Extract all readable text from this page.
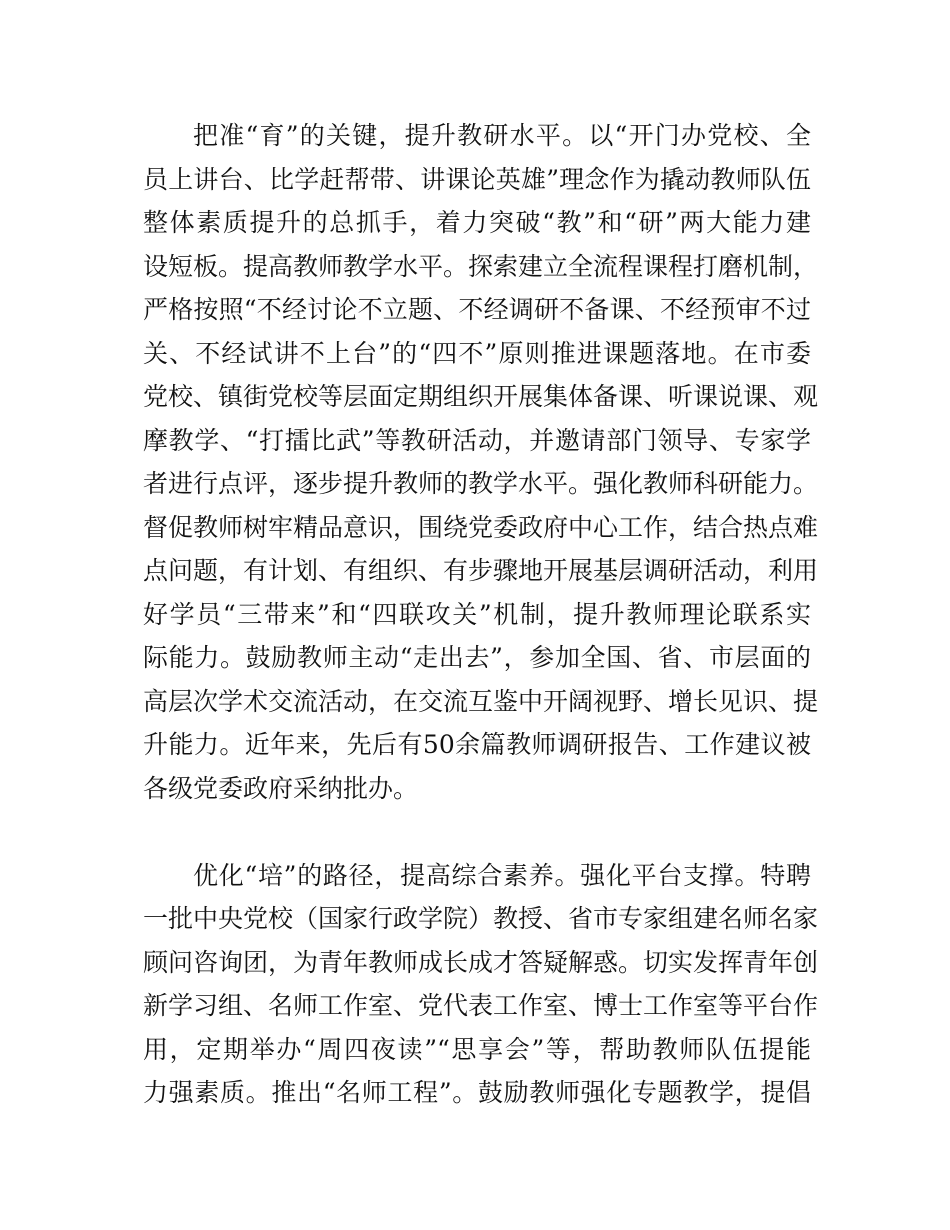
把准“育”的关键，提升教研水平。以“开门办党校、全
员上讲台、比学赶帮带、讲课论英雄”理念作为撬动教师队伍
整体素质提升的总抓手，着力突破“教”和“研”两大能力建
设短板。提高教师教学水平。探索建立全流程课程打磨机制，
严格按照“不经讨论不立题、不经调研不备课、不经预审不过
关、不经试讲不上台”的“四不”原则推进课题落地。在市委
党校、镇街党校等层面定期组织开展集体备课、听课说课、观
摩教学、“打擂比武”等教研活动，并邀请部门领导、专家学
者进行点评，逐步提升教师的教学水平。强化教师科研能力。
督促教师树牢精品意识，围绕党委政府中心工作，结合热点难
点问题，有计划、有组织、有步骤地开展基层调研活动，利用
好学员“三带来”和“四联攻关”机制，提升教师理论联系实
际能力。鼓励教师主动“走出去”，参加全国、省、市层面的
高层次学术交流活动，在交流互鉴中开阔视野、增长见识、提
升能力。近年来，先后有50余篇教师调研报告、工作建议被
各级党委政府采纳批办。
优化“培”的路径，提高综合素养。强化平台支撑。特聘
一批中央党校（国家行政学院）教授、省市专家组建名师名家
顾问咨询团，为青年教师成长成才答疑解惑。切实发挥青年创
新学习组、名师工作室、党代表工作室、博士工作室等平台作
用，定期举办“周四夜读”“思享会”等，帮助教师队伍提能
力强素质。推出“名师工程”。鼓励教师强化专题教学，提倡
